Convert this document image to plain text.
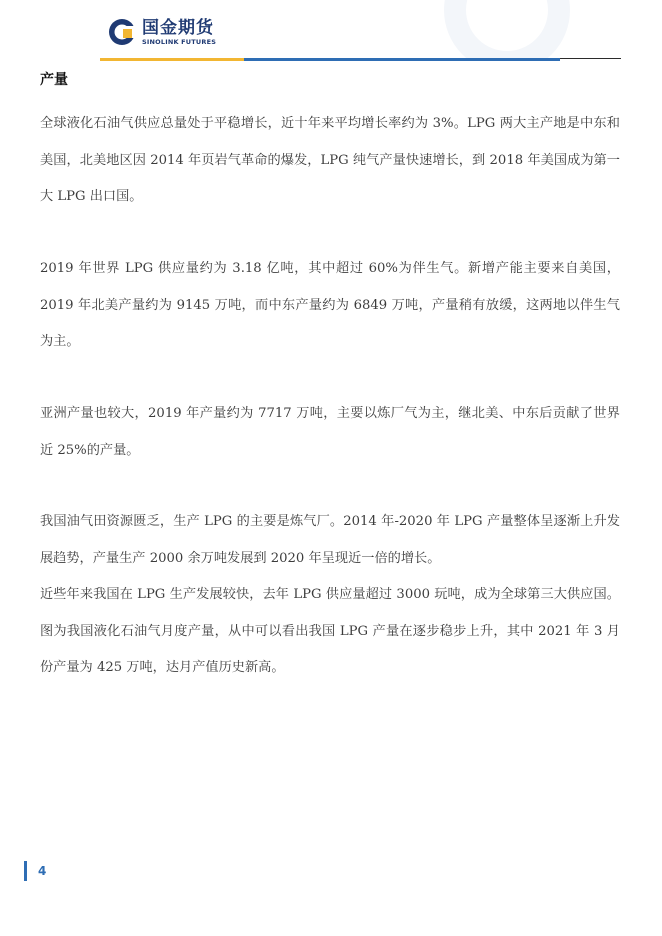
国金期货
SINOLINK FUTURES
产量

全球液化石油气供应总量处于平稳增长，近十年来平均增长率约为 3%。LPG 两大主产地是中东和美国，北美地区因 2014 年页岩气革命的爆发，LPG 纯气产量快速增长，到 2018 年美国成为第一大 LPG 出口国。

2019 年世界 LPG 供应量约为 3.18 亿吨，其中超过 60%为伴生气。新增产能主要来自美国，2019 年北美产量约为 9145 万吨，而中东产量约为 6849 万吨，产量稍有放缓，这两地以伴生气为主。

亚洲产量也较大，2019 年产量约为 7717 万吨，主要以炼厂气为主，继北美、中东后贡献了世界近 25%的产量。

我国油气田资源匮乏，生产 LPG 的主要是炼气厂。2014 年-2020 年 LPG 产量整体呈逐渐上升发展趋势，产量生产 2000 余万吨发展到 2020 年呈现近一倍的增长。

近些年来我国在 LPG 生产发展较快，去年 LPG 供应量超过 3000 玩吨，成为全球第三大供应国。图为我国液化石油气月度产量，从中可以看出我国 LPG 产量在逐步稳步上升，其中 2021 年 3 月份产量为 425 万吨，达月产值历史新高。

4
